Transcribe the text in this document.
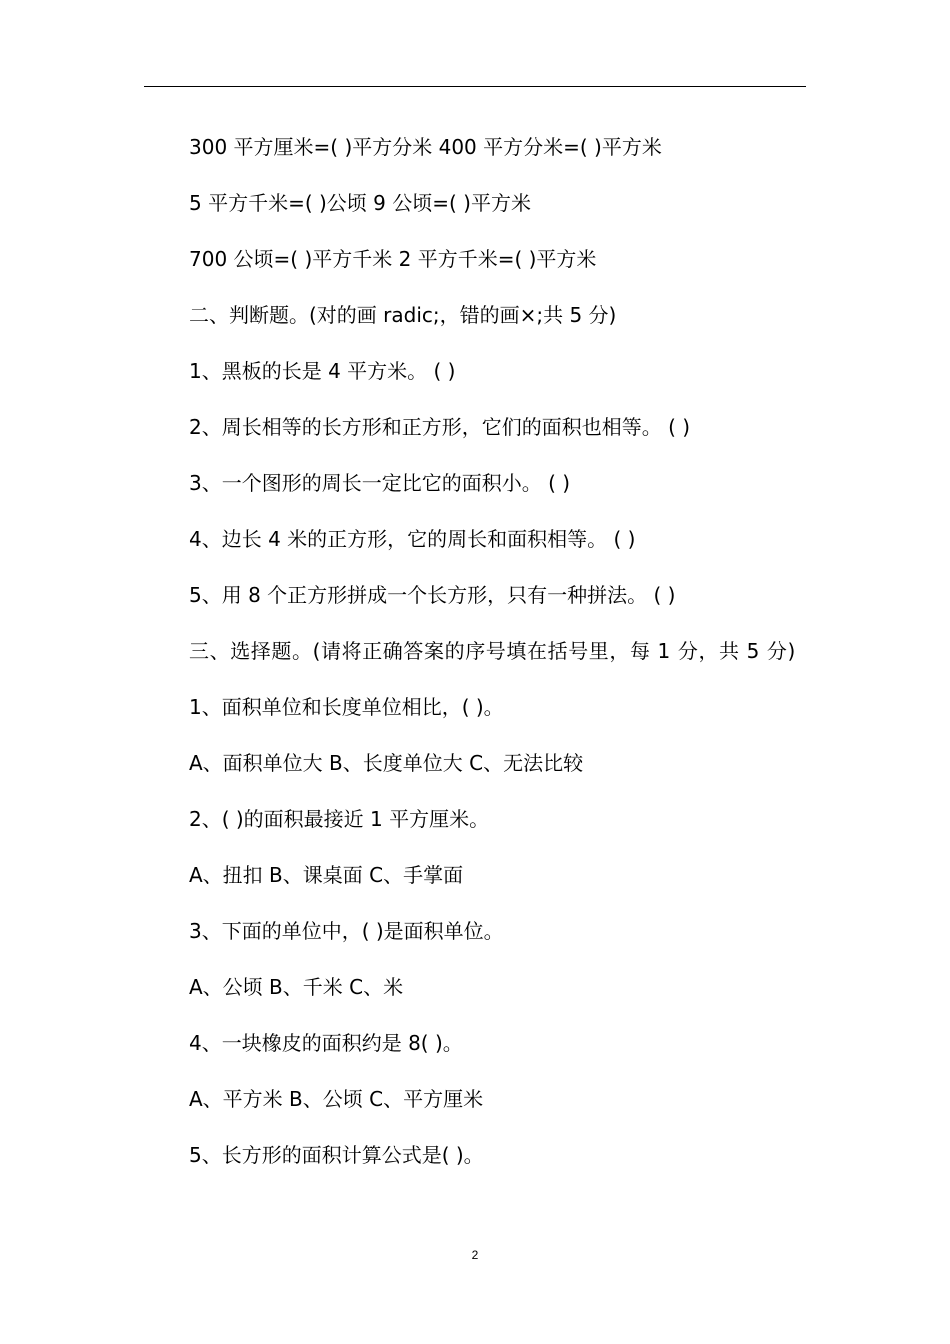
300 平方厘米=( )平方分米 400 平方分米=( )平方米
5 平方千米=( )公顷 9 公顷=( )平方米
700 公顷=( )平方千米 2 平方千米=( )平方米
二、判断题。(对的画 radic;，错的画×;共 5 分)
1、黑板的长是 4 平方米。 ( )
2、周长相等的长方形和正方形，它们的面积也相等。 ( )
3、一个图形的周长一定比它的面积小。 ( )
4、边长 4 米的正方形，它的周长和面积相等。 ( )
5、用 8 个正方形拼成一个长方形，只有一种拼法。 ( )
三、选择题。(请将正确答案的序号填在括号里，每 1 分，共 5 分)
1、面积单位和长度单位相比，( )。
A、面积单位大 B、长度单位大 C、无法比较
2、( )的面积最接近 1 平方厘米。
A、扭扣 B、课桌面 C、手掌面
3、下面的单位中，( )是面积单位。
A、公顷 B、千米 C、米
4、一块橡皮的面积约是 8( )。
A、平方米 B、公顷 C、平方厘米
5、长方形的面积计算公式是( )。
2
